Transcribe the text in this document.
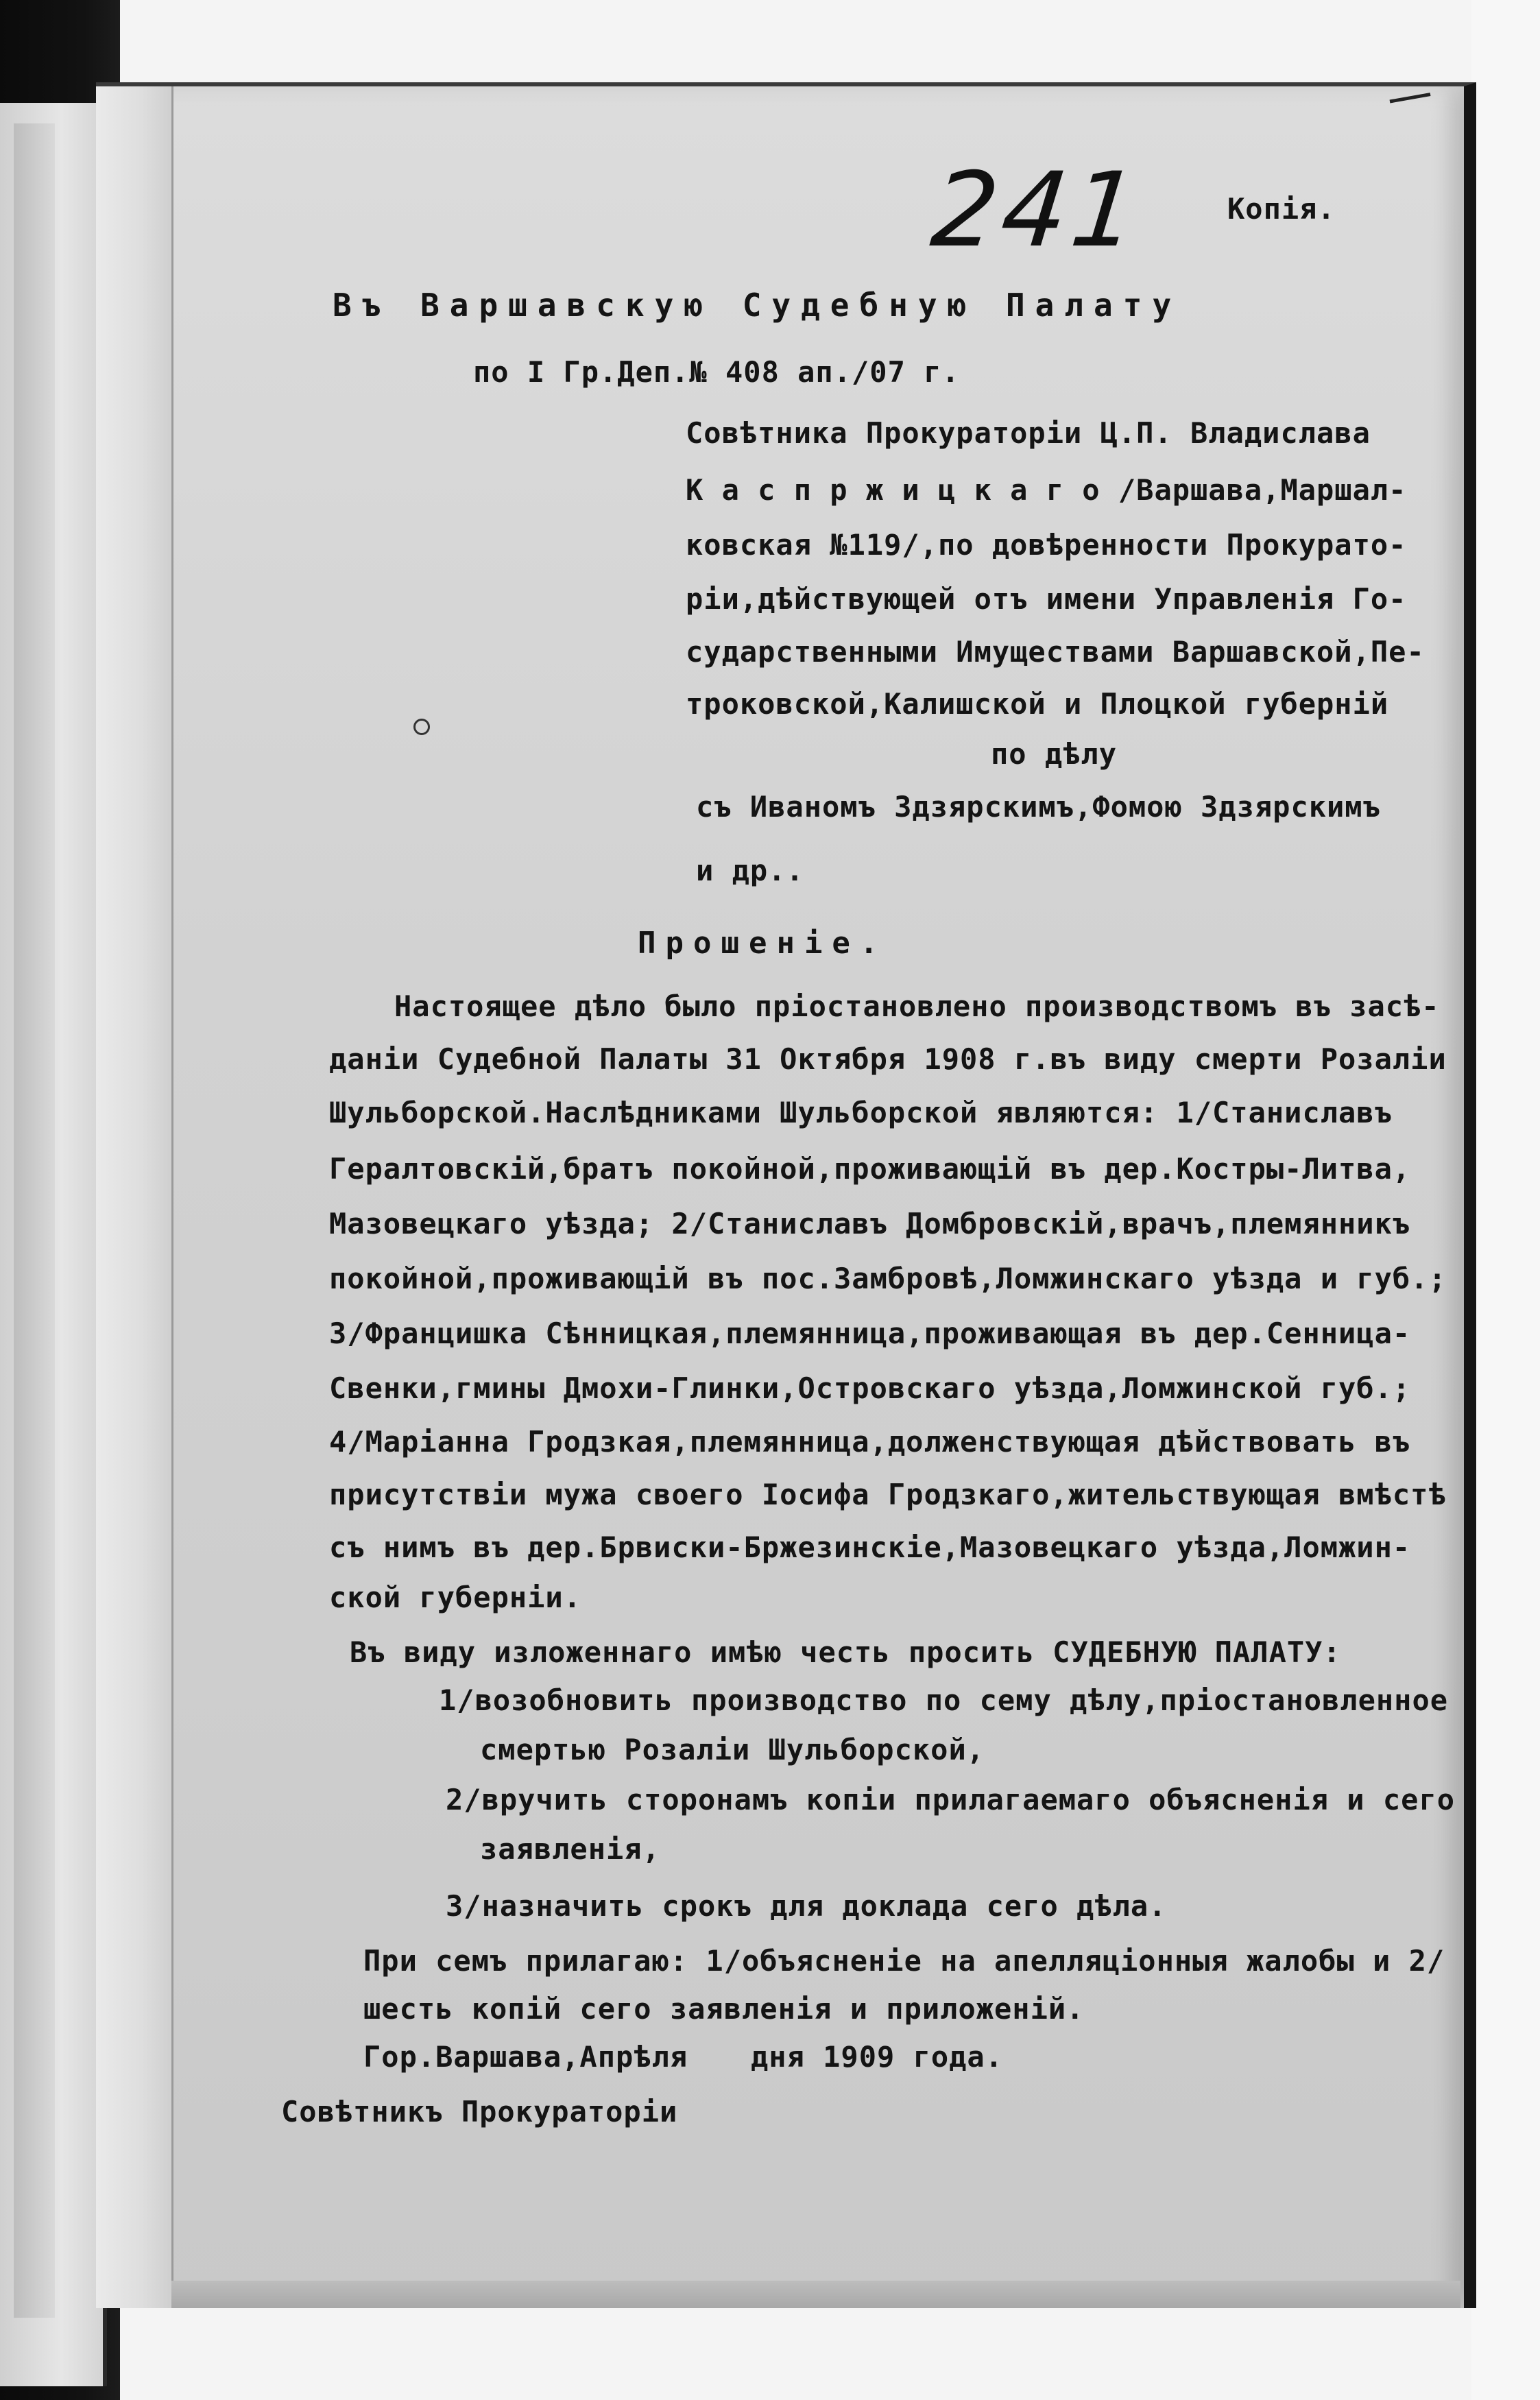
241	Копія.
Въ Варшавскую Судебную Палату
по I Гр.Деп.№ 408 ап./07 г.
Совѣтника Прокураторіи Ц.П. Владислава
К а с п р ж и ц к а г о /Варшава,Маршал-
ковская №119/,по довѣренности Прокурато-
ріи,дѣйствующей отъ имени Управленія Го-
сударственными Имуществами Варшавской,Пе-
троковской,Калишской и Плоцкой губерній
по дѣлу
съ Иваномъ Здзярскимъ,Фомою Здзярскимъ
и др..
Прошеніе.
Настоящее дѣло было пріостановлено производствомъ въ засѣ-
даніи Судебной Палаты 31 Октября 1908 г.въ виду смерти Розаліи
Шульборской.Наслѣдниками Шульборской являются: 1/Станиславъ
Гералтовскій,братъ покойной,проживающій въ дер.Костры-Литва,
Мазовецкаго уѣзда; 2/Станиславъ Домбровскій,врачъ,племянникъ
покойной,проживающій въ пос.Замбровѣ,Ломжинскаго уѣзда и губ.;
3/Францишка Сѣнницкая,племянница,проживающая въ дер.Сенница-
Свенки,гмины Дмохи-Глинки,Островскаго уѣзда,Ломжинской губ.;
4/Маріанна Гродзкая,племянница,долженствующая дѣйствовать въ
присутствіи мужа своего Іосифа Гродзкаго,жительствующая вмѣстѣ
съ нимъ въ дер.Брвиски-Бржезинскіе,Мазовецкаго уѣзда,Ломжин-
ской губерніи.
Въ виду изложеннаго имѣю честь просить СУДЕБНУЮ ПАЛАТУ:
1/возобновить производство по сему дѣлу,пріостановленное
смертью Розаліи Шульборской,
2/вручить сторонамъ копіи прилагаемаго объясненія и сего
заявленія,
3/назначить срокъ для доклада сего дѣла.
При семъ прилагаю: 1/объясненіе на апелляціонныя жалобы и 2/
шесть копій сего заявленія и приложеній.
Гор.Варшава,Апрѣля дня 1909 года.
Совѣтникъ Прокураторіи
